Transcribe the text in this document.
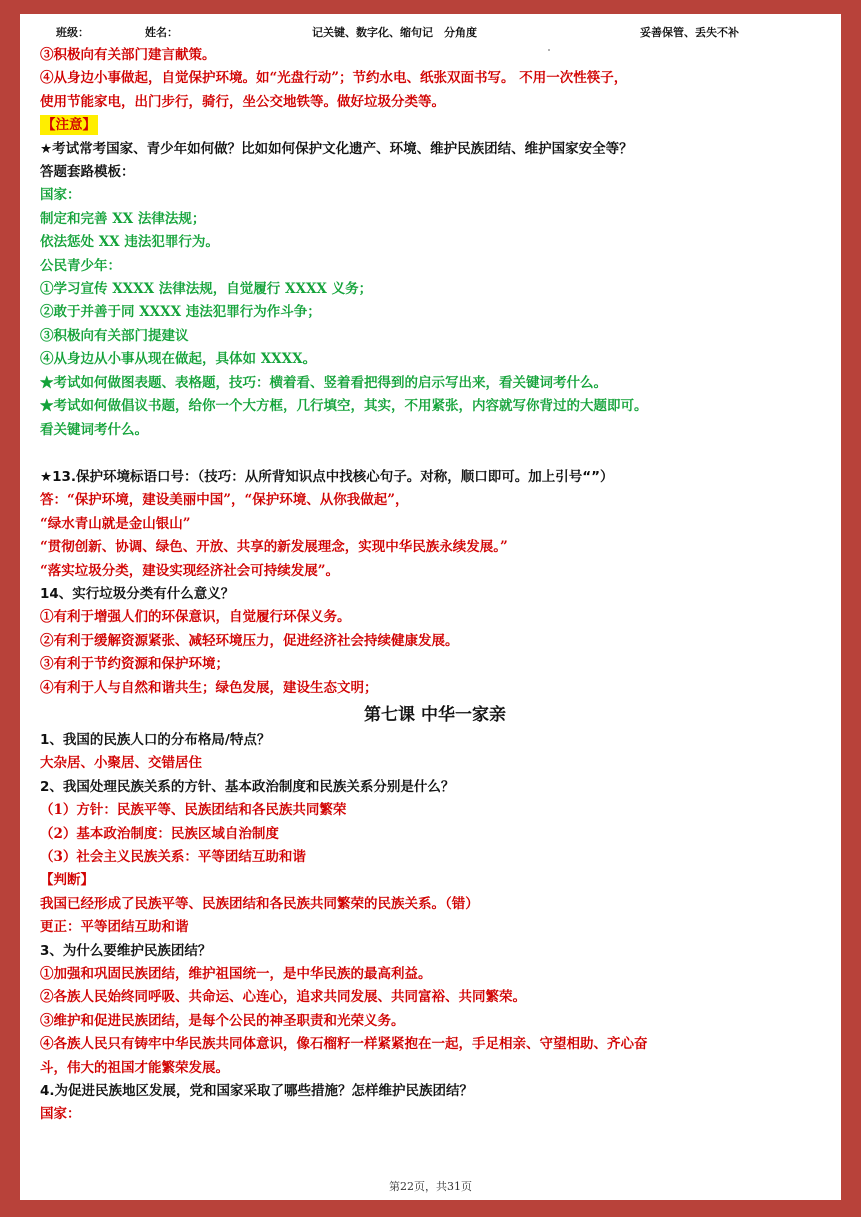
班级：	姓名：	记关键、数字化、缩句记　分角度	妥善保管、丢失不补
③积极向有关部门建言献策。
④从身边小事做起，自觉保护环境。如“光盘行动”；节约水电、纸张双面书写。 不用一次性筷子，
使用节能家电，出门步行，骑行，坐公交地铁等。做好垃圾分类等。
【注意】
★考试常考国家、青少年如何做？比如如何保护文化遗产、环境、维护民族团结、维护国家安全等？
答题套路模板：
国家：
制定和完善 XX 法律法规；
依法惩处 XX 违法犯罪行为。
公民青少年：
①学习宣传 XXXX 法律法规，自觉履行 XXXX 义务；
②敢于并善于同 XXXX 违法犯罪行为作斗争；
③积极向有关部门提建议
④从身边从小事从现在做起，具体如 XXXX。
★考试如何做图表题、表格题，技巧：横着看、竖着看把得到的启示写出来，看关键词考什么。
★考试如何做倡议书题，给你一个大方框，几行填空，其实，不用紧张，内容就写你背过的大题即可。
看关键词考什么。
★13.保护环境标语口号：（技巧：从所背知识点中找核心句子。对称，顺口即可。加上引号“”）
答：“保护环境，建设美丽中国”，“保护环境、从你我做起”，
“绿水青山就是金山银山”
“贯彻创新、协调、绿色、开放、共享的新发展理念，实现中华民族永续发展。”
“落实垃圾分类，建设实现经济社会可持续发展”。
14、实行垃圾分类有什么意义？
①有利于增强人们的环保意识，自觉履行环保义务。
②有利于缓解资源紧张、减轻环境压力，促进经济社会持续健康发展。
③有利于节约资源和保护环境；
④有利于人与自然和谐共生；绿色发展，建设生态文明；
第七课 中华一家亲
1、我国的民族人口的分布格局/特点？
大杂居、小聚居、交错居住
2、我国处理民族关系的方针、基本政治制度和民族关系分别是什么？
（1）方针：民族平等、民族团结和各民族共同繁荣
（2）基本政治制度：民族区域自治制度
（3）社会主义民族关系：平等团结互助和谐
【判断】
我国已经形成了民族平等、民族团结和各民族共同繁荣的民族关系。（错）
更正：平等团结互助和谐
3、为什么要维护民族团结？
①加强和巩固民族团结，维护祖国统一，是中华民族的最高利益。
②各族人民始终同呼吸、共命运、心连心，追求共同发展、共同富裕、共同繁荣。
③维护和促进民族团结，是每个公民的神圣职责和光荣义务。
④各族人民只有铸牢中华民族共同体意识，像石榴籽一样紧紧抱在一起，手足相亲、守望相助、齐心奋
斗，伟大的祖国才能繁荣发展。
4.为促进民族地区发展，党和国家采取了哪些措施？怎样维护民族团结？
国家：
第22页，共31页
